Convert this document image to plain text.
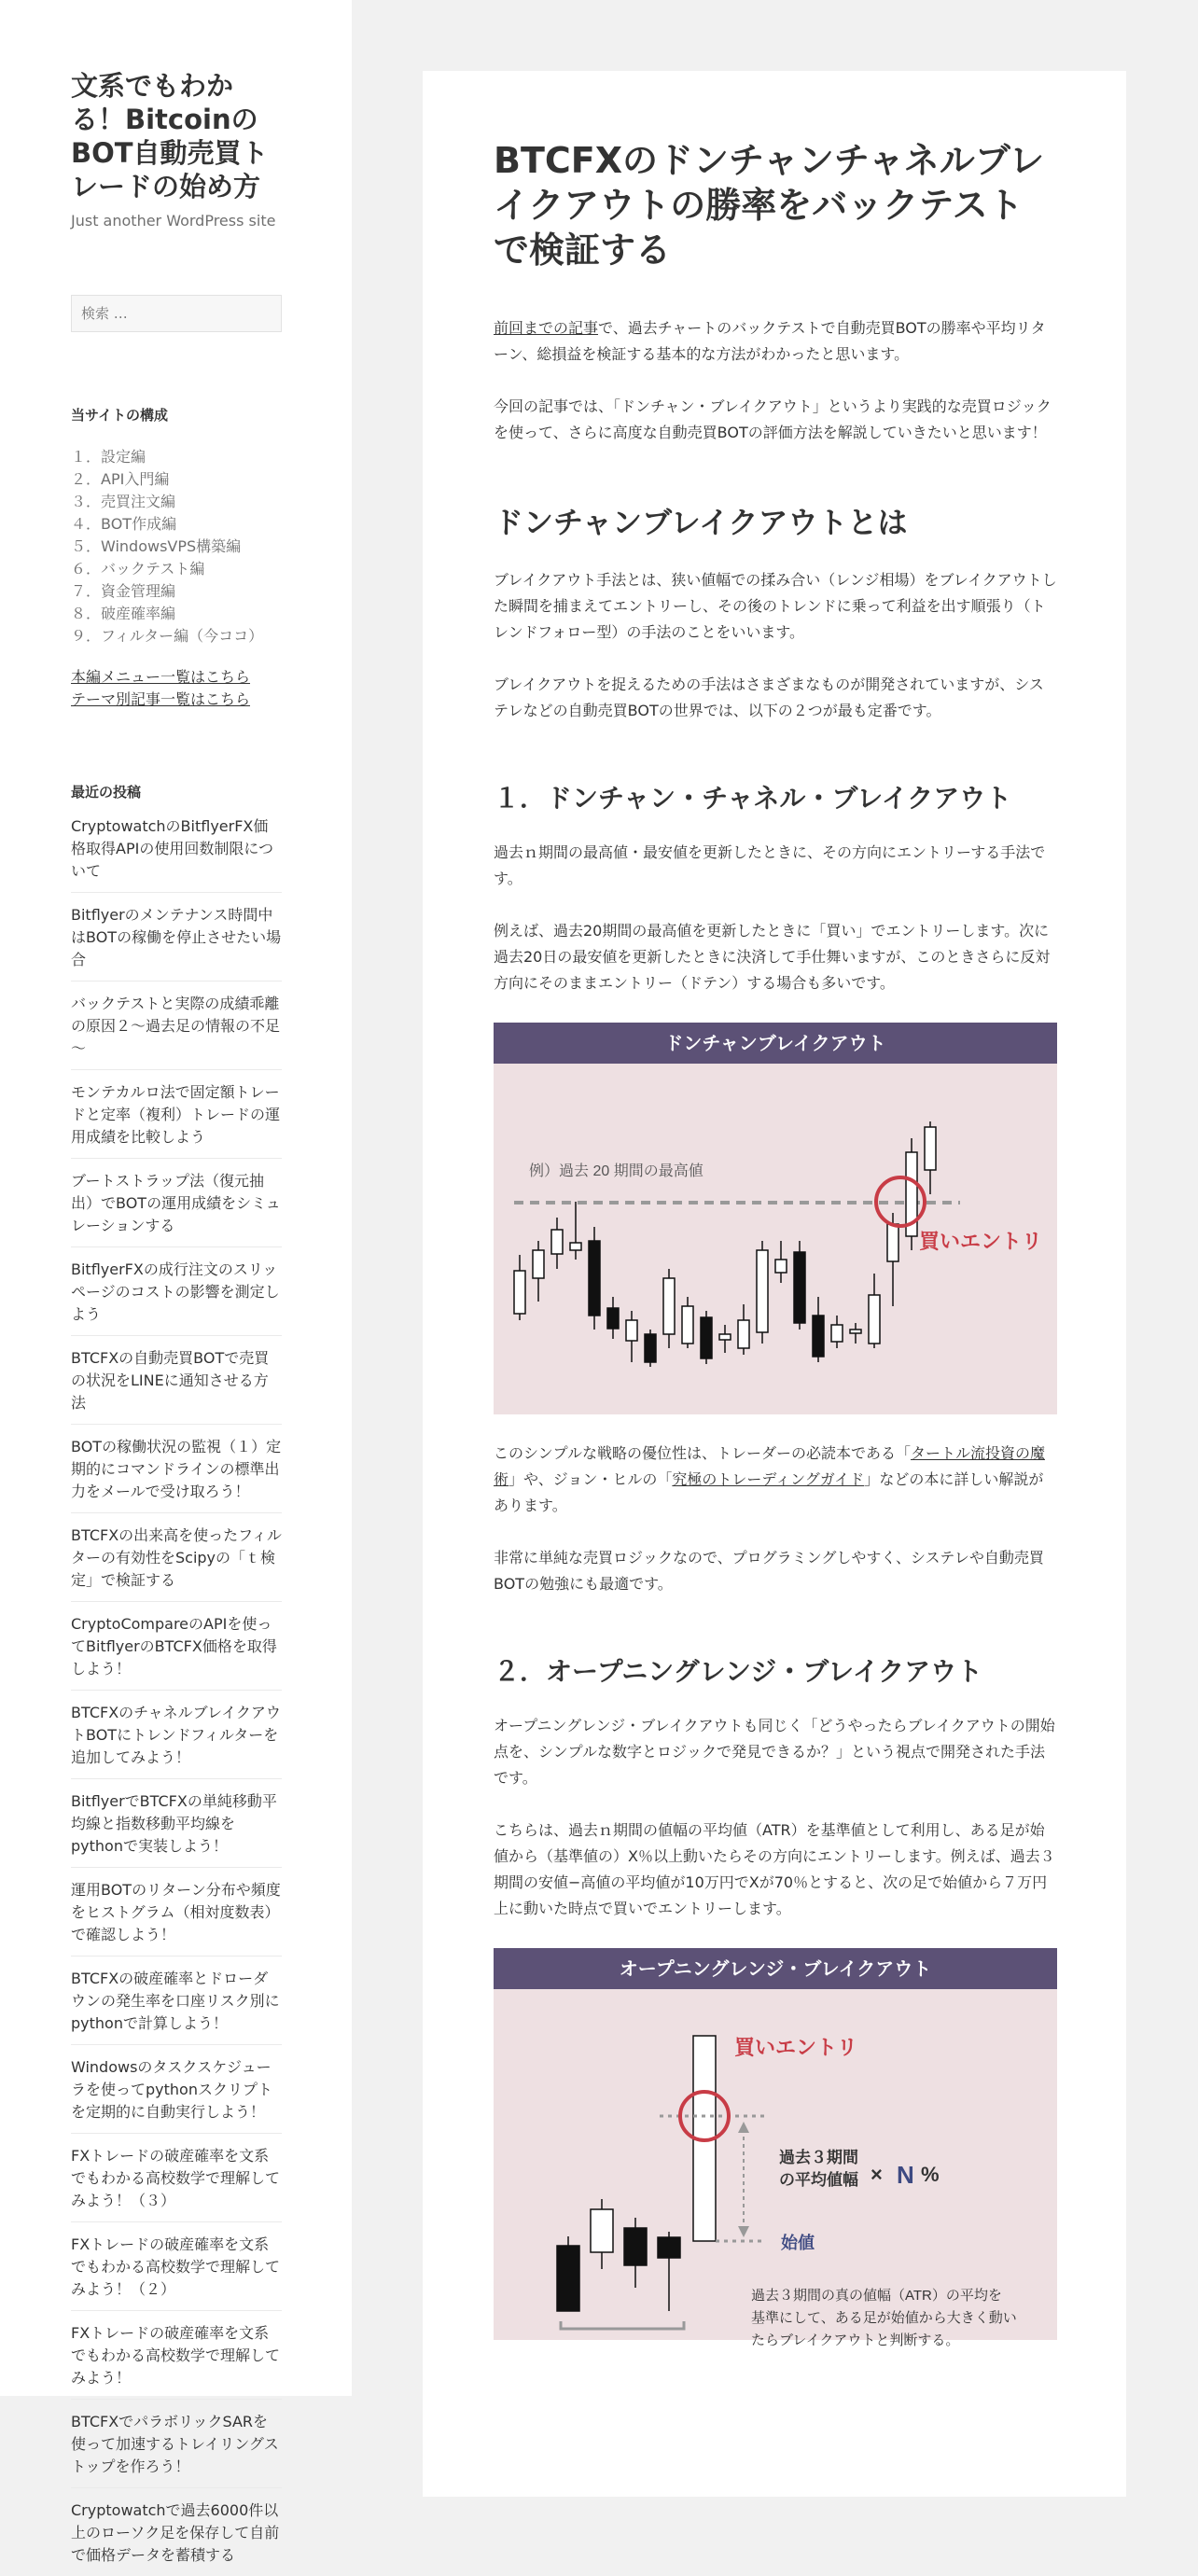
文系でもわかる！BitcoinのBOT自動売買トレードの始め方
Just another WordPress site
検索 …
当サイトの構成
１．設定編
２．API入門編
３．売買注文編
４．BOT作成編
５．WindowsVPS構築編
６．バックテスト編
７．資金管理編
８．破産確率編
９．フィルター編（今ココ）
本編メニュー一覧はこちら
テーマ別記事一覧はこちら
最近の投稿
CryptowatchのBitflyerFX価格取得APIの使用回数制限について
Bitflyerのメンテナンス時間中はBOTの稼働を停止させたい場合
バックテストと実際の成績乖離の原因２～過去足の情報の不足～
モンテカルロ法で固定額トレードと定率（複利）トレードの運用成績を比較しよう
ブートストラップ法（復元抽出）でBOTの運用成績をシミュレーションする
BitflyerFXの成行注文のスリッページのコストの影響を測定しよう
BTCFXの自動売買BOTで売買の状況をLINEに通知させる方法
BOTの稼働状況の監視（１）定期的にコマンドラインの標準出力をメールで受け取ろう！
BTCFXの出来高を使ったフィルターの有効性をScipyの「ｔ検定」で検証する
CryptoCompareのAPIを使ってBitflyerのBTCFX価格を取得しよう！
BTCFXのチャネルブレイクアウトBOTにトレンドフィルターを追加してみよう！
BitflyerでBTCFXの単純移動平均線と指数移動平均線をpythonで実装しよう！
運用BOTのリターン分布や頻度をヒストグラム（相対度数表）で確認しよう！
BTCFXの破産確率とドローダウンの発生率を口座リスク別にpythonで計算しよう！
Windowsのタスクスケジューラを使ってpythonスクリプトを定期的に自動実行しよう！
FXトレードの破産確率を文系でもわかる高校数学で理解してみよう！（３）
FXトレードの破産確率を文系でもわかる高校数学で理解してみよう！（２）
FXトレードの破産確率を文系でもわかる高校数学で理解してみよう！
BTCFXでパラボリックSARを使って加速するトレイリングストップを作ろう！
Cryptowatchで過去6000件以上のローソク足を保存して自前で価格データを蓄積する
BTCFXのドンチャンチャネルブレイクアウトの勝率をバックテストで検証する

前回までの記事で、過去チャートのバックテストで自動売買BOTの勝率や平均リターン、総損益を検証する基本的な方法がわかったと思います。

今回の記事では、「ドンチャン・ブレイクアウト」というより実践的な売買ロジックを使って、さらに高度な自動売買BOTの評価方法を解説していきたいと思います！

ドンチャンブレイクアウトとは

ブレイクアウト手法とは、狭い値幅での揉み合い（レンジ相場）をブレイクアウトした瞬間を捕まえてエントリーし、その後のトレンドに乗って利益を出す順張り（トレンドフォロー型）の手法のことをいいます。

ブレイクアウトを捉えるための手法はさまざまなものが開発されていますが、システレなどの自動売買BOTの世界では、以下の２つが最も定番です。

１．ドンチャン・チャネル・ブレイクアウト

過去ｎ期間の最高値・最安値を更新したときに、その方向にエントリーする手法です。

例えば、過去20期間の最高値を更新したときに「買い」でエントリーします。次に過去20日の最安値を更新したときに決済して手仕舞いますが、このときさらに反対方向にそのままエントリー（ドテン）する場合も多いです。

ドンチャンブレイクアウト
例）過去 20 期間の最高値
買いエントリ

このシンプルな戦略の優位性は、トレーダーの必読本である「タートル流投資の魔術」や、ジョン・ヒルの「究極のトレーディングガイド」などの本に詳しい解説があります。

非常に単純な売買ロジックなので、プログラミングしやすく、システレや自動売買BOTの勉強にも最適です。

２．オープニングレンジ・ブレイクアウト

オープニングレンジ・ブレイクアウトも同じく「どうやったらブレイクアウトの開始点を、シンプルな数字とロジックで発見できるか？」という視点で開発された手法です。

こちらは、過去ｎ期間の値幅の平均値（ATR）を基準値として利用し、ある足が始値から（基準値の）X％以上動いたらその方向にエントリーします。例えば、過去３期間の安値−高値の平均値が10万円でXが70％とすると、次の足で始値から７万円上に動いた時点で買いでエントリーします。

オープニングレンジ・ブレイクアウト
買いエントリ
過去３期間
の平均値幅 × N %
始値
過去３期間の真の値幅（ATR）の平均を
基準にして、ある足が始値から大きく動い
たらブレイクアウトと判断する。
